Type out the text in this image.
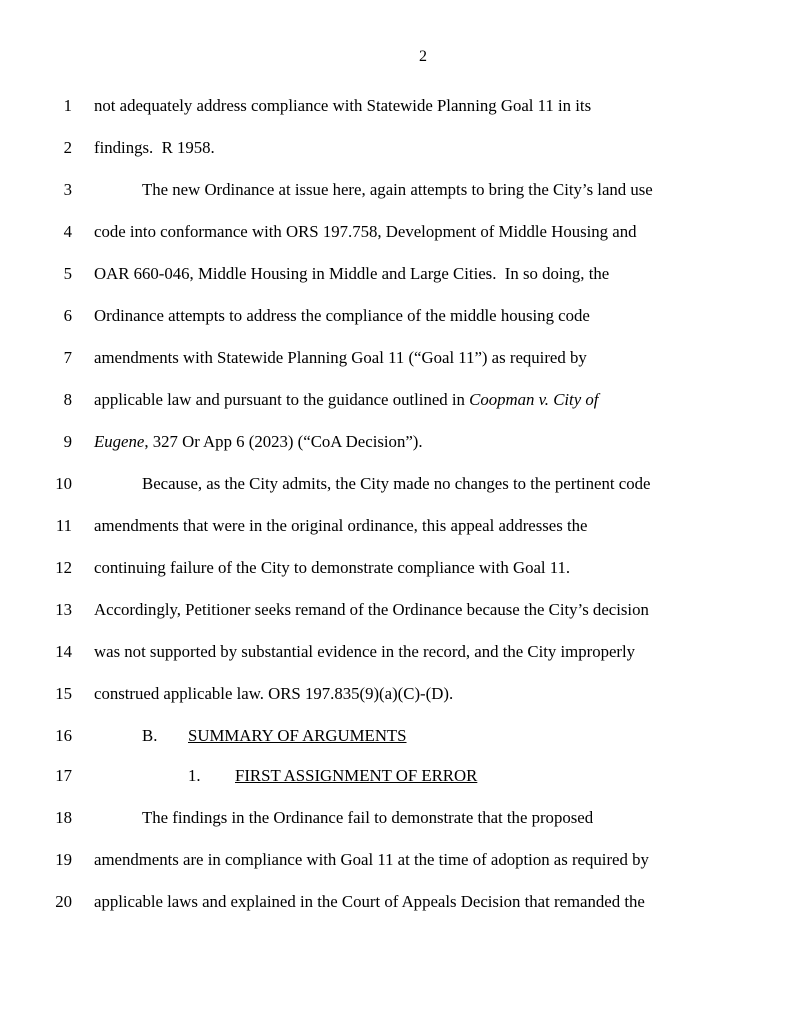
2
1 not adequately address compliance with Statewide Planning Goal 11 in its
2 findings.  R 1958.
3	The new Ordinance at issue here, again attempts to bring the City’s land use
4 code into conformance with ORS 197.758, Development of Middle Housing and
5 OAR 660-046, Middle Housing in Middle and Large Cities.  In so doing, the
6 Ordinance attempts to address the compliance of the middle housing code
7 amendments with Statewide Planning Goal 11 (“Goal 11”) as required by
8 applicable law and pursuant to the guidance outlined in Coopman v. City of
9 Eugene, 327 Or App 6 (2023) (“CoA Decision”).
10	Because, as the City admits, the City made no changes to the pertinent code
11 amendments that were in the original ordinance, this appeal addresses the
12 continuing failure of the City to demonstrate compliance with Goal 11.
13 Accordingly, Petitioner seeks remand of the Ordinance because the City’s decision
14 was not supported by substantial evidence in the record, and the City improperly
15 construed applicable law. ORS 197.835(9)(a)(C)-(D).
16	B. SUMMARY OF ARGUMENTS
17	1. FIRST ASSIGNMENT OF ERROR
18	The findings in the Ordinance fail to demonstrate that the proposed
19 amendments are in compliance with Goal 11 at the time of adoption as required by
20 applicable laws and explained in the Court of Appeals Decision that remanded the
